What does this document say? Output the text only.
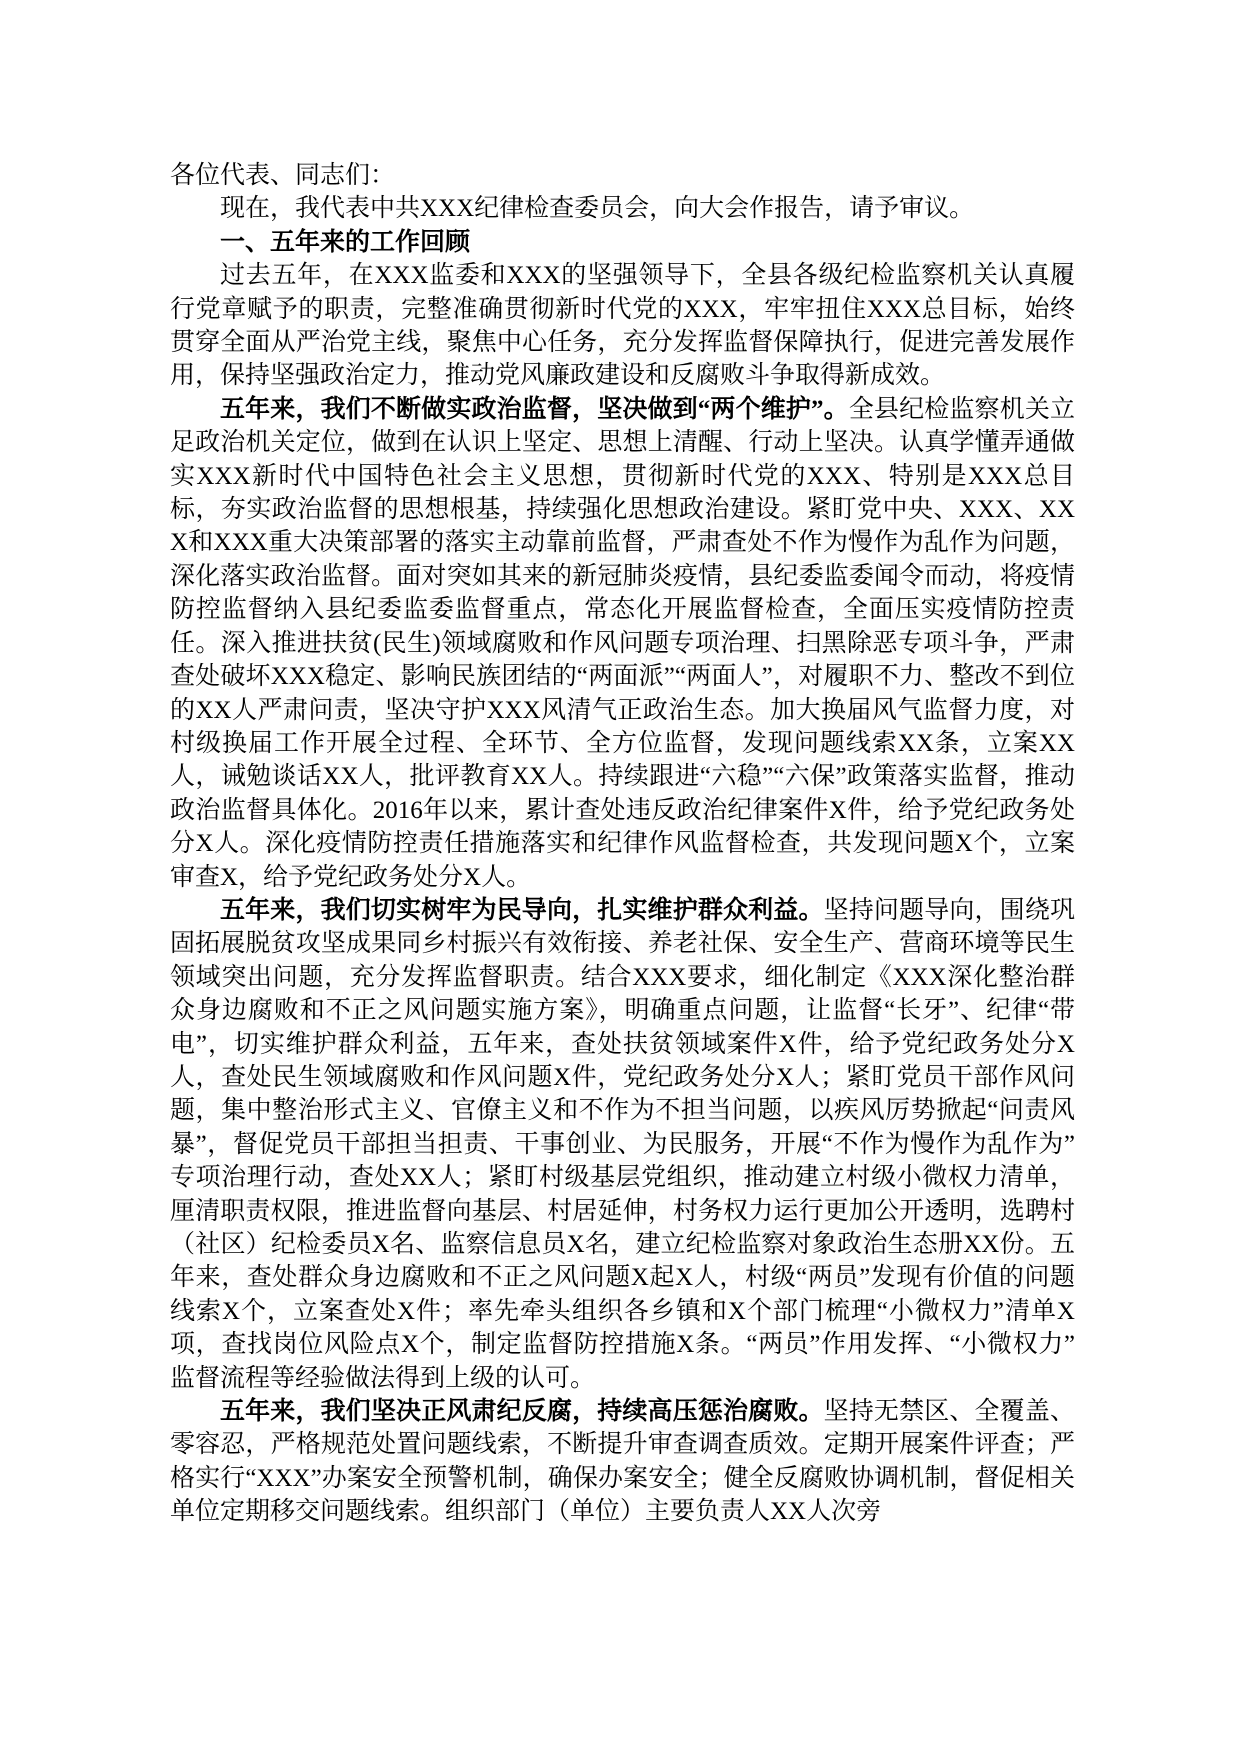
各位代表、同志们：

现在，我代表中共XXX纪律检查委员会，向大会作报告，请予审议。

一、五年来的工作回顾

过去五年，在XXX监委和XXX的坚强领导下，全县各级纪检监察机关认真履行党章赋予的职责，完整准确贯彻新时代党的XXX，牢牢扭住XXX总目标，始终贯穿全面从严治党主线，聚焦中心任务，充分发挥监督保障执行，促进完善发展作用，保持坚强政治定力，推动党风廉政建设和反腐败斗争取得新成效。

五年来，我们不断做实政治监督，坚决做到“两个维护”。全县纪检监察机关立足政治机关定位，做到在认识上坚定、思想上清醒、行动上坚决。认真学懂弄通做实XXX新时代中国特色社会主义思想，贯彻新时代党的XXX、特别是XXX总目标，夯实政治监督的思想根基，持续强化思想政治建设。紧盯党中央、XXX、XXX和XXX重大决策部署的落实主动靠前监督，严肃查处不作为慢作为乱作为问题，深化落实政治监督。面对突如其来的新冠肺炎疫情，县纪委监委闻令而动，将疫情防控监督纳入县纪委监委监督重点，常态化开展监督检查，全面压实疫情防控责任。深入推进扶贫(民生)领域腐败和作风问题专项治理、扫黑除恶专项斗争，严肃查处破坏XXX稳定、影响民族团结的“两面派”“两面人”，对履职不力、整改不到位的XX人严肃问责，坚决守护XXX风清气正政治生态。加大换届风气监督力度，对村级换届工作开展全过程、全环节、全方位监督，发现问题线索XX条，立案XX人，诫勉谈话XX人，批评教育XX人。持续跟进“六稳”“六保”政策落实监督，推动政治监督具体化。2016年以来，累计查处违反政治纪律案件X件，给予党纪政务处分X人。深化疫情防控责任措施落实和纪律作风监督检查，共发现问题X个，立案审查X，给予党纪政务处分X人。

五年来，我们切实树牢为民导向，扎实维护群众利益。坚持问题导向，围绕巩固拓展脱贫攻坚成果同乡村振兴有效衔接、养老社保、安全生产、营商环境等民生领域突出问题，充分发挥监督职责。结合XXX要求，细化制定《XXX深化整治群众身边腐败和不正之风问题实施方案》，明确重点问题，让监督“长牙”、纪律“带电”，切实维护群众利益，五年来，查处扶贫领域案件X件，给予党纪政务处分X人，查处民生领域腐败和作风问题X件，党纪政务处分X人；紧盯党员干部作风问题，集中整治形式主义、官僚主义和不作为不担当问题，以疾风厉势掀起“问责风暴”，督促党员干部担当担责、干事创业、为民服务，开展“不作为慢作为乱作为”专项治理行动，查处XX人；紧盯村级基层党组织，推动建立村级小微权力清单，厘清职责权限，推进监督向基层、村居延伸，村务权力运行更加公开透明，选聘村（社区）纪检委员X名、监察信息员X名，建立纪检监察对象政治生态册XX份。五年来，查处群众身边腐败和不正之风问题X起X人，村级“两员”发现有价值的问题线索X个，立案查处X件；率先牵头组织各乡镇和X个部门梳理“小微权力”清单X项，查找岗位风险点X个，制定监督防控措施X条。“两员”作用发挥、“小微权力”监督流程等经验做法得到上级的认可。

五年来，我们坚决正风肃纪反腐，持续高压惩治腐败。坚持无禁区、全覆盖、零容忍，严格规范处置问题线索，不断提升审查调查质效。定期开展案件评查；严格实行“XXX”办案安全预警机制，确保办案安全；健全反腐败协调机制，督促相关单位定期移交问题线索。组织部门（单位）主要负责人XX人次旁
